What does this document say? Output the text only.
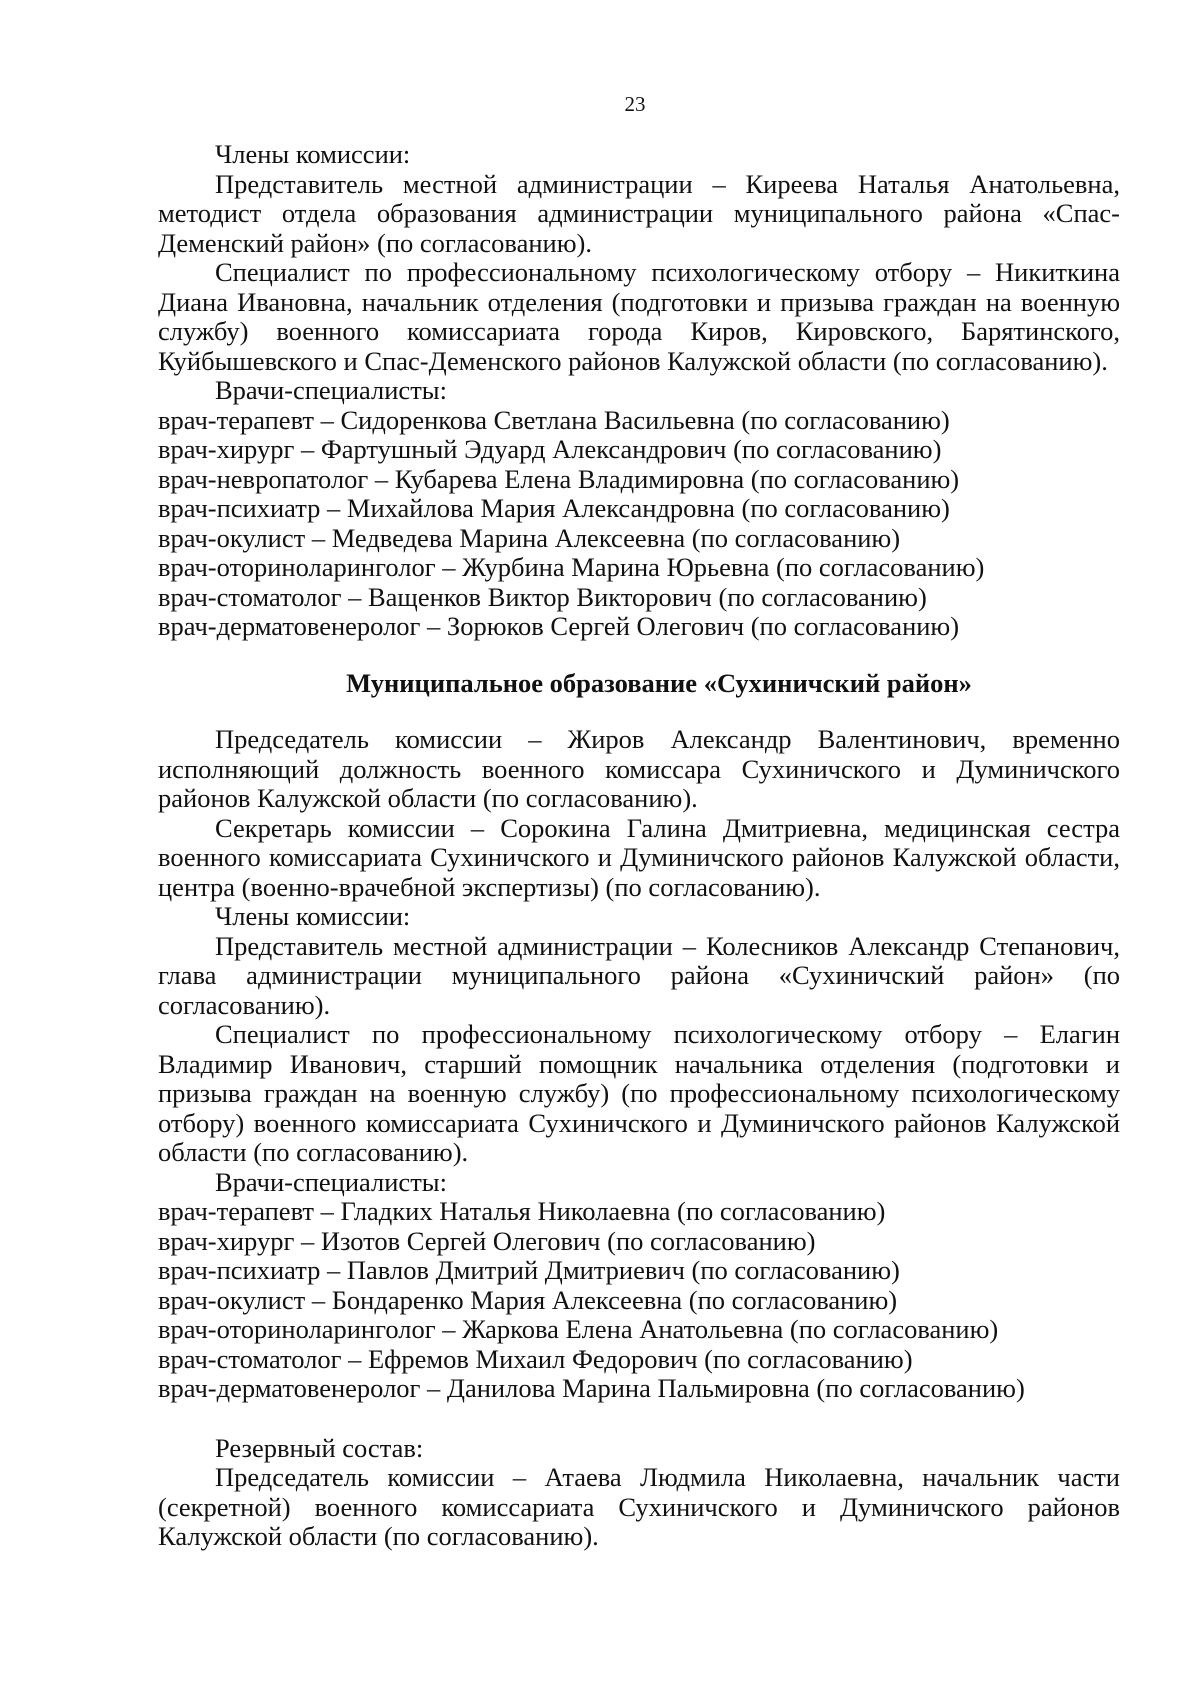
23

Члены комиссии:

Представитель местной администрации – Киреева Наталья Анатольевна, методист отдела образования администрации муниципального района «Спас-Деменский район» (по согласованию).

Специалист по профессиональному психологическому отбору – Никиткина Диана Ивановна, начальник отделения (подготовки и призыва граждан на военную службу) военного комиссариата города Киров, Кировского, Барятинского, Куйбышевского и Спас-Деменского районов Калужской области (по согласованию).

Врачи-специалисты:

врач-терапевт – Сидоренкова Светлана Васильевна (по согласованию)

врач-хирург – Фартушный Эдуард Александрович (по согласованию)

врач-невропатолог – Кубарева Елена Владимировна (по согласованию)

врач-психиатр – Михайлова Мария Александровна (по согласованию)

врач-окулист – Медведева Марина Алексеевна (по согласованию)

врач-оториноларинголог – Журбина Марина Юрьевна (по согласованию)

врач-стоматолог – Ващенков Виктор Викторович (по согласованию)

врач-дерматовенеролог – Зорюков Сергей Олегович (по согласованию)

Муниципальное образование «Сухиничский район»

Председатель комиссии – Жиров Александр Валентинович, временно исполняющий должность военного комиссара Сухиничского и Думиничского районов Калужской области (по согласованию).

Секретарь комиссии – Сорокина Галина Дмитриевна, медицинская сестра военного комиссариата Сухиничского и Думиничского районов Калужской области, центра (военно-врачебной экспертизы) (по согласованию).

Члены комиссии:

Представитель местной администрации – Колесников Александр Степанович, глава администрации муниципального района «Сухиничский район» (по согласованию).

Специалист по профессиональному психологическому отбору – Елагин Владимир Иванович, старший помощник начальника отделения (подготовки и призыва граждан на военную службу) (по профессиональному психологическому отбору) военного комиссариата Сухиничского и Думиничского районов Калужской области (по согласованию).

Врачи-специалисты:

врач-терапевт – Гладких Наталья Николаевна (по согласованию)

врач-хирург – Изотов Сергей Олегович (по согласованию)

врач-психиатр – Павлов Дмитрий Дмитриевич (по согласованию)

врач-окулист – Бондаренко Мария Алексеевна (по согласованию)

врач-оториноларинголог – Жаркова Елена Анатольевна (по согласованию)

врач-стоматолог – Ефремов Михаил Федорович (по согласованию)

врач-дерматовенеролог – Данилова Марина Пальмировна (по согласованию)

Резервный состав:

Председатель комиссии – Атаева Людмила Николаевна, начальник части (секретной) военного комиссариата Сухиничского и Думиничского районов Калужской области (по согласованию).
